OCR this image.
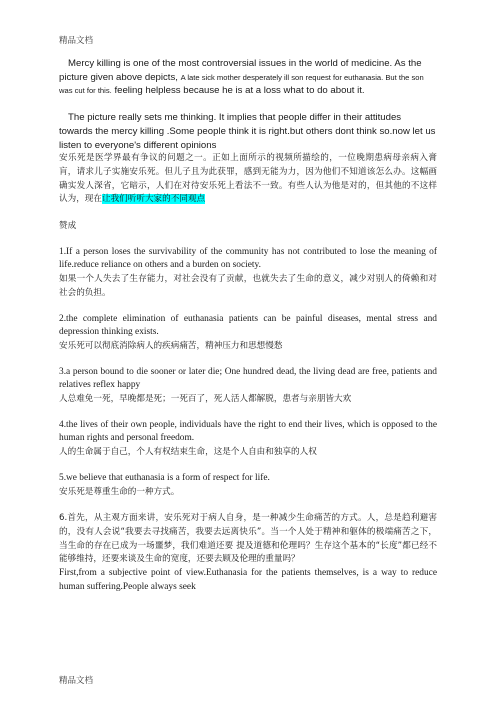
精品文档

Mercy killing is one of the most controversial issues in the world of medicine. As the picture given above depicts, A late sick mother desperately ill son request for euthanasia. But the son was cut for this. feeling helpless because he is at a loss what to do about it.

The picture really sets me thinking. It implies that people differ in their attitudes towards the mercy killing .Some people think it is right.but others dont think so.now let us listen to everyone's different opinions

安乐死是医学界最有争议的问题之一。正如上面所示的视频所描绘的，一位晚期患病母亲病入膏肓，请求儿子实施安乐死。但儿子且为此获罪，感到无能为力，因为他们不知道该怎么办。这幅画确实发人深省，它暗示，人们在对待安乐死上看法不一致。有些人认为他是对的，但其他的不这样认为，现在让我们听听大家的不同观点

赞成

1.If a person loses the survivability of the community has not contributed to lose the meaning of life.reduce reliance on others and a burden on society.

如果一个人失去了生存能力，对社会没有了贡献，也就失去了生命的意义，减少对别人的倚赖和对社会的负担。

2.the complete elimination of euthanasia patients can be painful diseases, mental stress and depression thinking exists.

安乐死可以彻底消除病人的疾病痛苦，精神压力和思想慢愁

3.a person bound to die sooner or later die; One hundred dead, the living dead are free, patients and relatives reflex happy

人总难免一死，早晚都是死；一死百了，死人活人都解脱，患者与亲朋皆大欢

4.the lives of their own people, individuals have the right to end their lives, which is opposed to the human rights and personal freedom.

人的生命属于自己，个人有权结束生命，这是个人自由和独享的人权

5.we believe that euthanasia is a form of respect for life.

安乐死是尊重生命的一种方式。

6.首先，从主观方面来讲，安乐死对于病人自身，是一种减少生命痛苦的方式。人，总是趋利避害的，没有人会说“我要去寻找痛苦，我要去远离快乐”。当一个人处于精神和躯体的极端痛苦之下，当生命的存在已成为一场噩梦，我们难道还要 提及道德和伦理吗？生存这个基本的“长度”都已经不能够维持，还要来谈及生命的宽度，还要去顾及伦理的重量吗？

First,from a subjective point of view.Euthanasia for the patients themselves, is a way to reduce human suffering.People always seek

精品文档
